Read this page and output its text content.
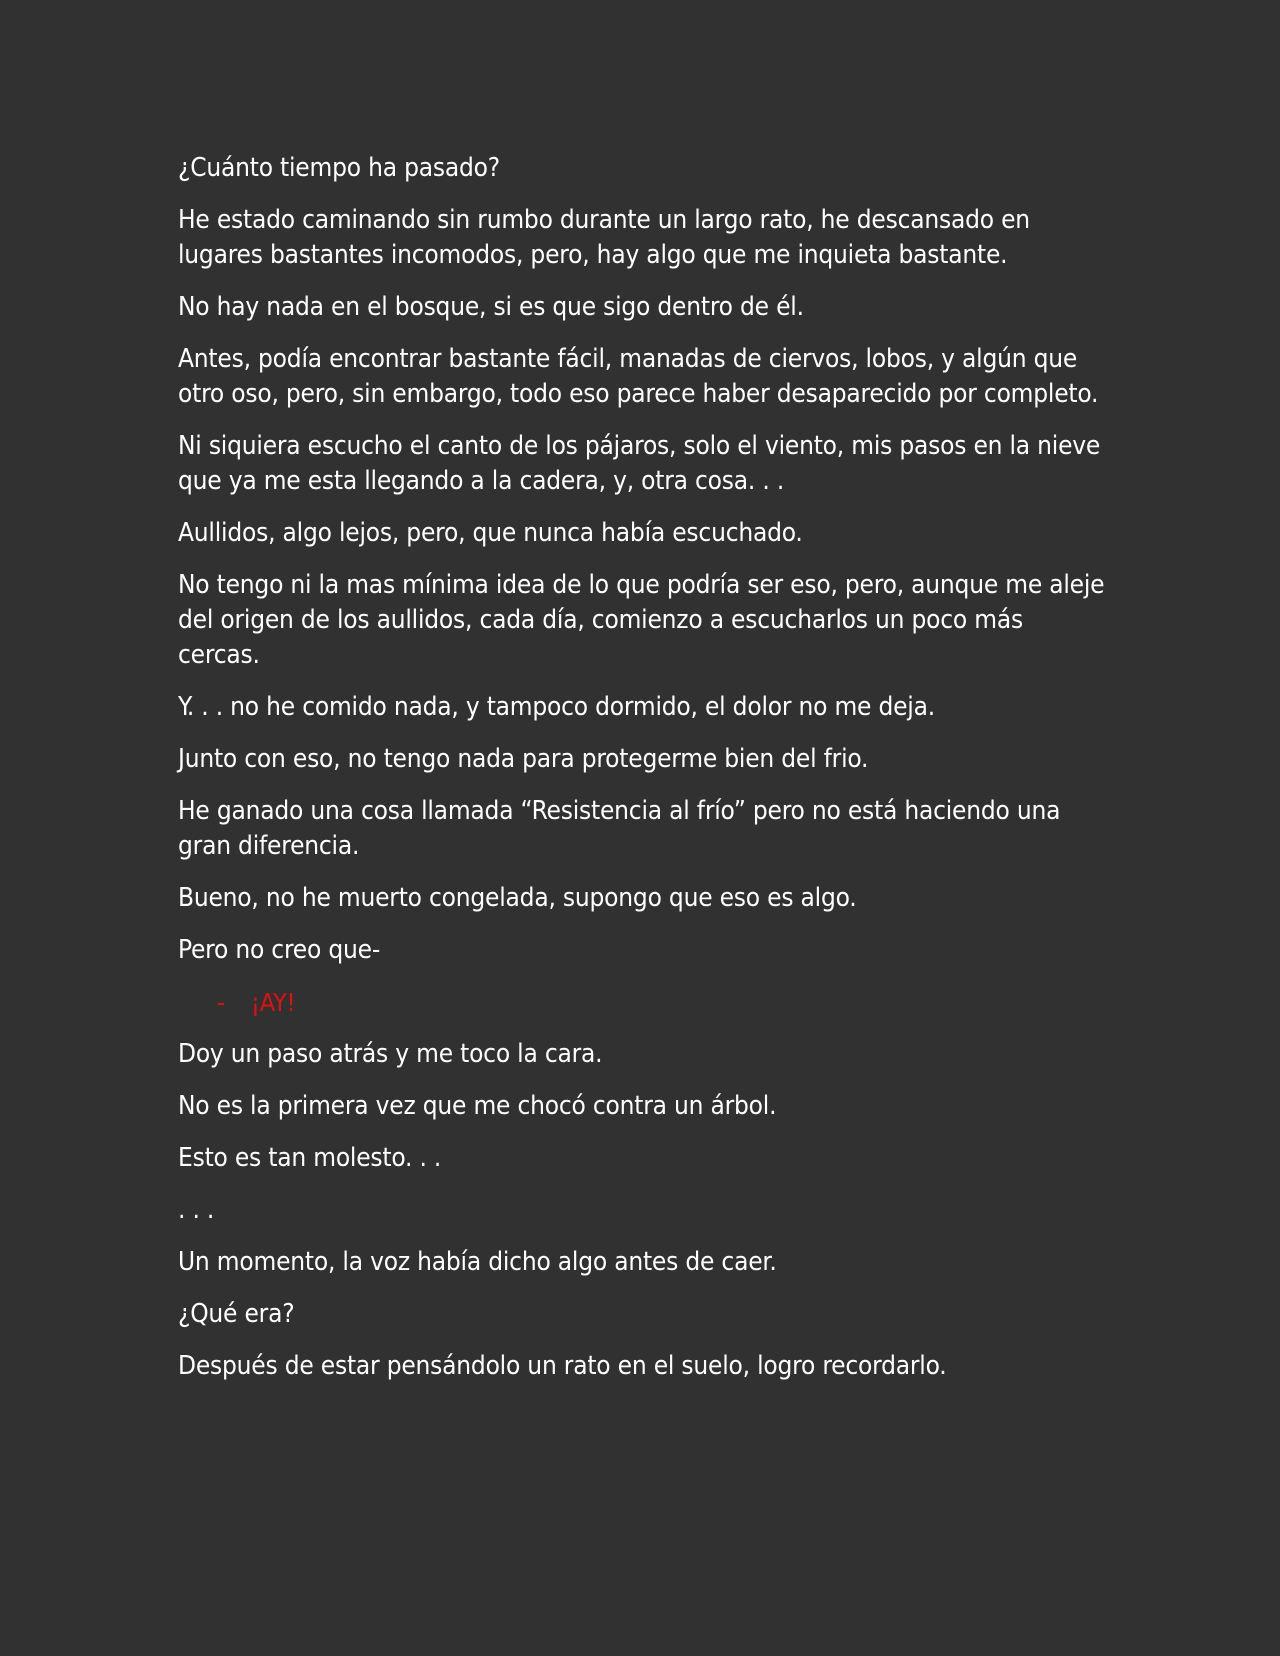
¿Cuánto tiempo ha pasado?

He estado caminando sin rumbo durante un largo rato, he descansado en lugares bastantes incomodos, pero, hay algo que me inquieta bastante.

No hay nada en el bosque, si es que sigo dentro de él.

Antes, podía encontrar bastante fácil, manadas de ciervos, lobos, y algún que otro oso, pero, sin embargo, todo eso parece haber desaparecido por completo.

Ni siquiera escucho el canto de los pájaros, solo el viento, mis pasos en la nieve que ya me esta llegando a la cadera, y, otra cosa. . .

Aullidos, algo lejos, pero, que nunca había escuchado.

No tengo ni la mas mínima idea de lo que podría ser eso, pero, aunque me aleje del origen de los aullidos, cada día, comienzo a escucharlos un poco más cercas.

Y. . . no he comido nada, y tampoco dormido, el dolor no me deja.

Junto con eso, no tengo nada para protegerme bien del frio.

He ganado una cosa llamada “Resistencia al frío” pero no está haciendo una gran diferencia.

Bueno, no he muerto congelada, supongo que eso es algo.

Pero no creo que-

- ¡AY!

Doy un paso atrás y me toco la cara.

No es la primera vez que me chocó contra un árbol.

Esto es tan molesto. . .

. . .

Un momento, la voz había dicho algo antes de caer.

¿Qué era?

Después de estar pensándolo un rato en el suelo, logro recordarlo.
